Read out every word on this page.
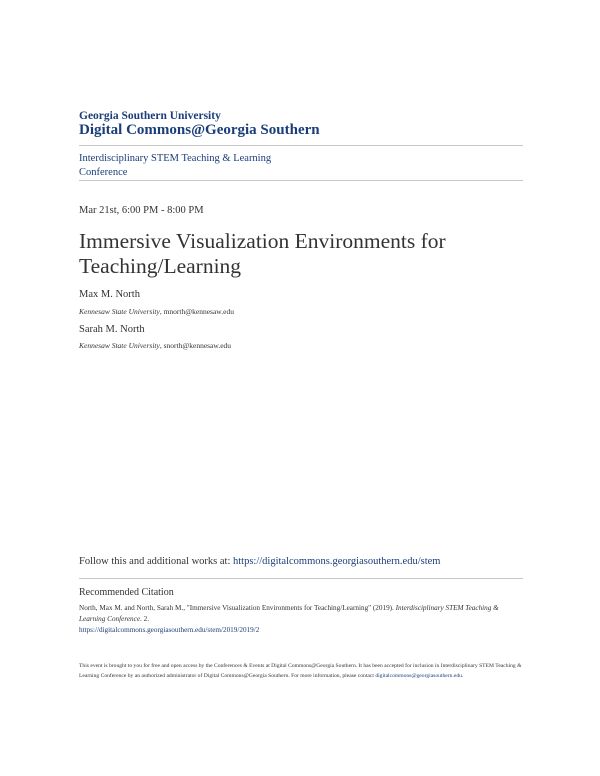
Georgia Southern University
Digital Commons@Georgia Southern
Interdisciplinary STEM Teaching & Learning
Conference
Mar 21st, 6:00 PM - 8:00 PM
Immersive Visualization Environments for
Teaching/Learning
Max M. North
Kennesaw State University, mnorth@kennesaw.edu
Sarah M. North
Kennesaw State University, snorth@kennesaw.edu
Follow this and additional works at: https://digitalcommons.georgiasouthern.edu/stem
Recommended Citation
North, Max M. and North, Sarah M., "Immersive Visualization Environments for Teaching/Learning" (2019). Interdisciplinary STEM Teaching & Learning Conference. 2.
https://digitalcommons.georgiasouthern.edu/stem/2019/2019/2
This event is brought to you for free and open access by the Conferences & Events at Digital Commons@Georgia Southern. It has been accepted for inclusion in Interdisciplinary STEM Teaching & Learning Conference by an authorized administrator of Digital Commons@Georgia Southern. For more information, please contact digitalcommons@georgiasouthern.edu.
